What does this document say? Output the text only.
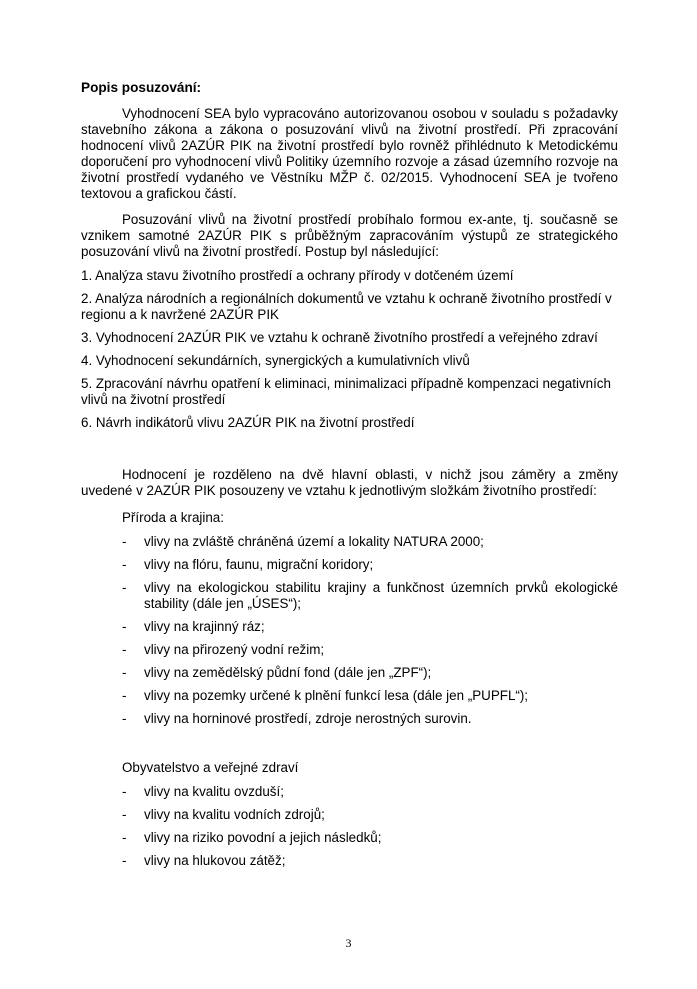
Popis posuzování:

Vyhodnocení SEA bylo vypracováno autorizovanou osobou v souladu s požadavky stavebního zákona a zákona o posuzování vlivů na životní prostředí. Při zpracování hodnocení vlivů 2AZÚR PIK na životní prostředí bylo rovněž přihlédnuto k Metodickému doporučení pro vyhodnocení vlivů Politiky územního rozvoje a zásad územního rozvoje na životní prostředí vydaného ve Věstníku MŽP č. 02/2015. Vyhodnocení SEA je tvořeno textovou a grafickou částí.

Posuzování vlivů na životní prostředí probíhalo formou ex-ante, tj. současně se vznikem samotné 2AZÚR PIK s průběžným zapracováním výstupů ze strategického posuzování vlivů na životní prostředí. Postup byl následující:

1. Analýza stavu životního prostředí a ochrany přírody v dotčeném území
2. Analýza národních a regionálních dokumentů ve vztahu k ochraně životního prostředí v regionu a k navržené 2AZÚR PIK
3. Vyhodnocení 2AZÚR PIK ve vztahu k ochraně životního prostředí a veřejného zdraví
4. Vyhodnocení sekundárních, synergických a kumulativních vlivů
5. Zpracování návrhu opatření k eliminaci, minimalizaci případně kompenzaci negativních vlivů na životní prostředí
6. Návrh indikátorů vlivu 2AZÚR PIK na životní prostředí

Hodnocení je rozděleno na dvě hlavní oblasti, v nichž jsou záměry a změny uvedené v 2AZÚR PIK posouzeny ve vztahu k jednotlivým složkám životního prostředí:

Příroda a krajina:
-	vlivy na zvláště chráněná území a lokality NATURA 2000;
-	vlivy na flóru, faunu, migrační koridory;
-	vlivy na ekologickou stabilitu krajiny a funkčnost územních prvků ekologické stability (dále jen „ÚSES“);
-	vlivy na krajinný ráz;
-	vlivy na přirozený vodní režim;
-	vlivy na zemědělský půdní fond (dále jen „ZPF“);
-	vlivy na pozemky určené k plnění funkcí lesa (dále jen „PUPFL“);
-	vlivy na horninové prostředí, zdroje nerostných surovin.
Obyvatelstvo a veřejné zdraví
-	vlivy na kvalitu ovzduší;
-	vlivy na kvalitu vodních zdrojů;
-	vlivy na riziko povodní a jejich následků;
-	vlivy na hlukovou zátěž;
3
